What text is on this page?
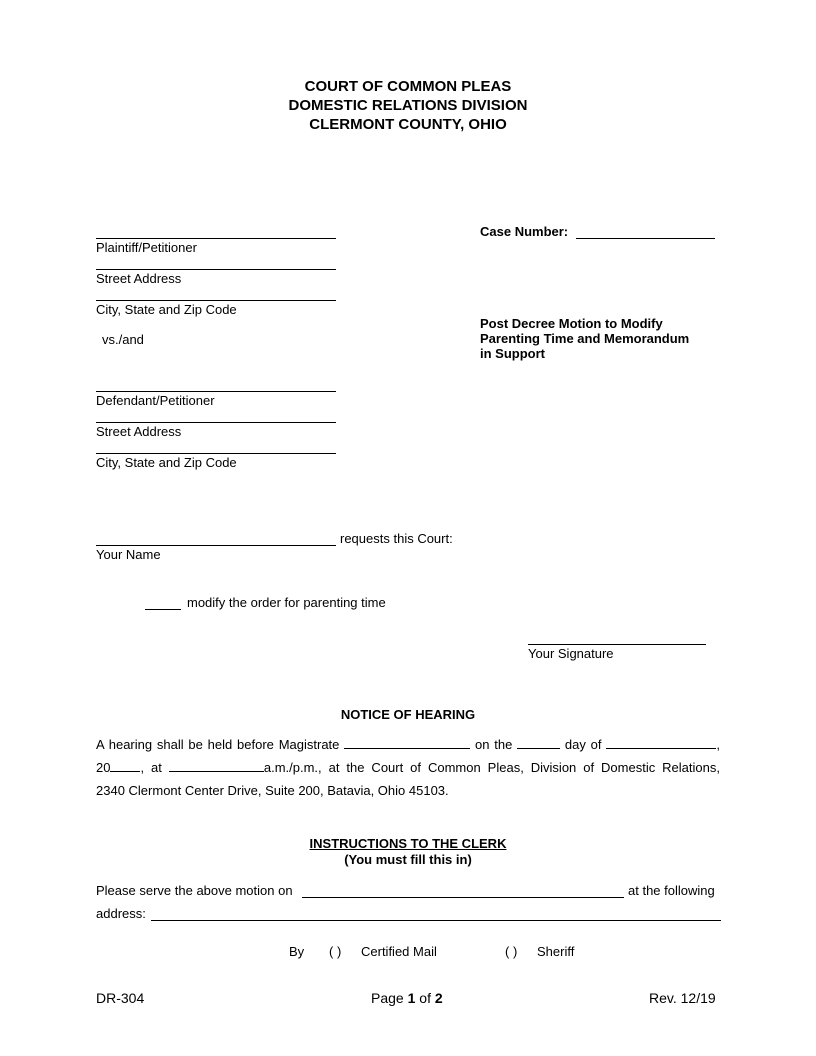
COURT OF COMMON PLEAS
DOMESTIC RELATIONS DIVISION
CLERMONT COUNTY, OHIO
Plaintiff/Petitioner
Street Address
City, State and Zip Code
vs./and
Defendant/Petitioner
Street Address
City, State and Zip Code
Case Number:
Post Decree Motion to Modify
Parenting Time and Memorandum
in Support
requests this Court:
Your Name
modify the order for parenting time
Your Signature
NOTICE OF HEARING
A hearing shall be held before Magistrate	on the	day of	,
20 , at	a.m./p.m., at the Court of Common Pleas, Division of Domestic Relations,
2340 Clermont Center Drive, Suite 200, Batavia, Ohio 45103.
INSTRUCTIONS TO THE CLERK
(You must fill this in)
Please serve the above motion on	at the following
address:
By ( ) Certified Mail	( ) Sheriff
DR-304	Page 1 of 2	Rev. 12/19
